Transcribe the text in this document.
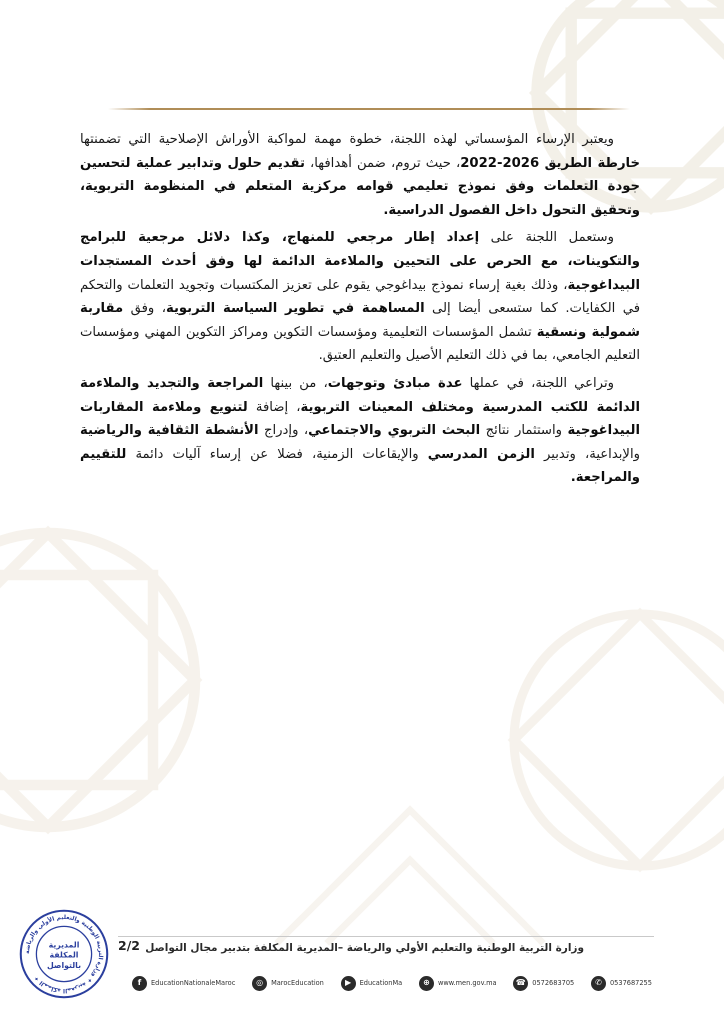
ويعتبر الإرساء المؤسساتي لهذه اللجنة، خطوة مهمة لمواكبة الأوراش الإصلاحية التي تضمنتها خارطة الطريق 2026-2022، حيث تروم، ضمن أهدافها، تقديم حلول وتدابير عملية لتحسين جودة التعلمات وفق نموذج تعليمي قوامه مركزية المتعلم في المنظومة التربوية، وتحقيق التحول داخل الفصول الدراسية.

وستعمل اللجنة على إعداد إطار مرجعي للمنهاج، وكذا دلائل مرجعية للبرامج والتكوينات، مع الحرص على التحيين والملاءمة الدائمة لها وفق أحدث المستجدات البيداغوجية، وذلك بغية إرساء نموذج بيداغوجي يقوم على تعزيز المكتسبات وتجويد التعلمات والتحكم في الكفايات. كما ستسعى أيضا إلى المساهمة في تطوير السياسة التربوية، وفق مقاربة شمولية ونسقية تشمل المؤسسات التعليمية ومؤسسات التكوين ومراكز التكوين المهني ومؤسسات التعليم الجامعي، بما في ذلك التعليم الأصيل والتعليم العتيق.

وتراعي اللجنة، في عملها عدة مبادئ وتوجهات، من بينها المراجعة والتجديد والملاءمة الدائمة للكتب المدرسية ومختلف المعينات التربوية، إضافة لتنويع وملاءمة المقاربات البيداغوجية واستثمار نتائج البحث التربوي والاجتماعي، وإدراج الأنشطة الثقافية والرياضية والإبداعية، وتدبير الزمن المدرسي والإيقاعات الزمنية، فضلا عن إرساء آليات دائمة للتقييم والمراجعة.

المملكة المغربية ✦ وزارة التربية الوطنية والتعليم الأولي والرياضة ✦
المديرية
المكلفة
بالتواصل
2/2 وزارة التربية الوطنية والتعليم الأولي والرياضة –المديرية المكلفة بتدبير مجال التواصل
f	EducationNationaleMaroc	◎	MarocEducation	▶	EducationMa	⊕	www.men.gov.ma	☎ 0572683705	✆	0537687255
